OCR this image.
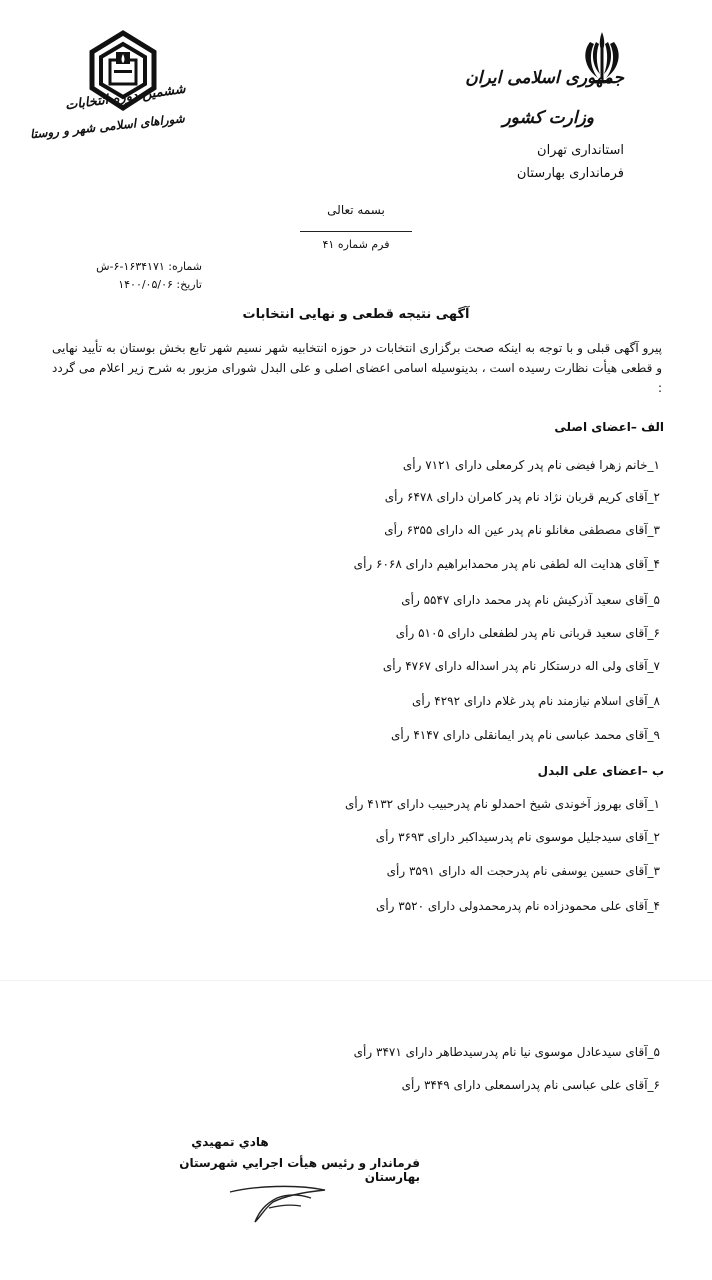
جمهوری اسلامی ایران
وزارت کشور
استانداری تهران
فرمانداری بهارستان
ششمین دوره انتخابات
شوراهای اسلامی شهر و روستا
بسمه تعالی
فرم شماره ۴۱
شماره: ۱۶۳۴۱۷۱-۶-ش
تاریخ: ۱۴۰۰/۰۵/۰۶
آگهی نتیجه قطعی و نهایی انتخابات
پیرو آگهی قبلی و با توجه به اینکه صحت برگزاری انتخابات در حوزه انتخابیه شهر نسیم شهر تابع بخش بوستان به تأیید نهایی و قطعی هیأت نظارت رسیده است ، بدینوسیله اسامی اعضای اصلی و علی البدل شورای مزبور به شرح زیر اعلام می گردد :
الف –اعضای اصلی
۱_خانم زهرا فیضی نام پدر کرمعلی دارای ۷۱۲۱ رأی
۲_آقای کریم قربان نژاد نام پدر کامران دارای ۶۴۷۸ رأی
۳_آقای مصطفی مغانلو نام پدر عین اله دارای ۶۳۵۵ رأی
۴_آقای هدایت اله لطفی نام پدر محمدابراهیم دارای ۶۰۶۸ رأی
۵_آقای سعید آذرکیش نام پدر محمد دارای ۵۵۴۷ رأی
۶_آقای سعید قربانی نام پدر لطفعلی دارای ۵۱۰۵ رأی
۷_آقای ولی اله درستکار نام پدر اسداله دارای ۴۷۶۷ رأی
۸_آقای اسلام نیازمند نام پدر غلام دارای ۴۲۹۲ رأی
۹_آقای محمد عباسی نام پدر ایمانقلی دارای ۴۱۴۷ رأی
ب –اعضای علی البدل
۱_آقای بهروز آخوندی شیخ احمدلو نام پدرحبیب دارای ۴۱۳۲ رأی
۲_آقای سیدجلیل موسوی نام پدرسیداکبر دارای ۳۶۹۳ رأی
۳_آقای حسین یوسفی نام پدرحجت اله دارای ۳۵۹۱ رأی
۴_آقای علی محمودزاده نام پدرمحمدولی دارای ۳۵۲۰ رأی
۵_آقای سیدعادل موسوی نیا نام پدرسیدطاهر دارای ۳۴۷۱ رأی
۶_آقای علی عباسی نام پدراسمعلی دارای ۳۴۴۹ رأی
هادي تمهيدي
فرماندار و رئيس هيأت اجرايي شهرستان بهارستان
